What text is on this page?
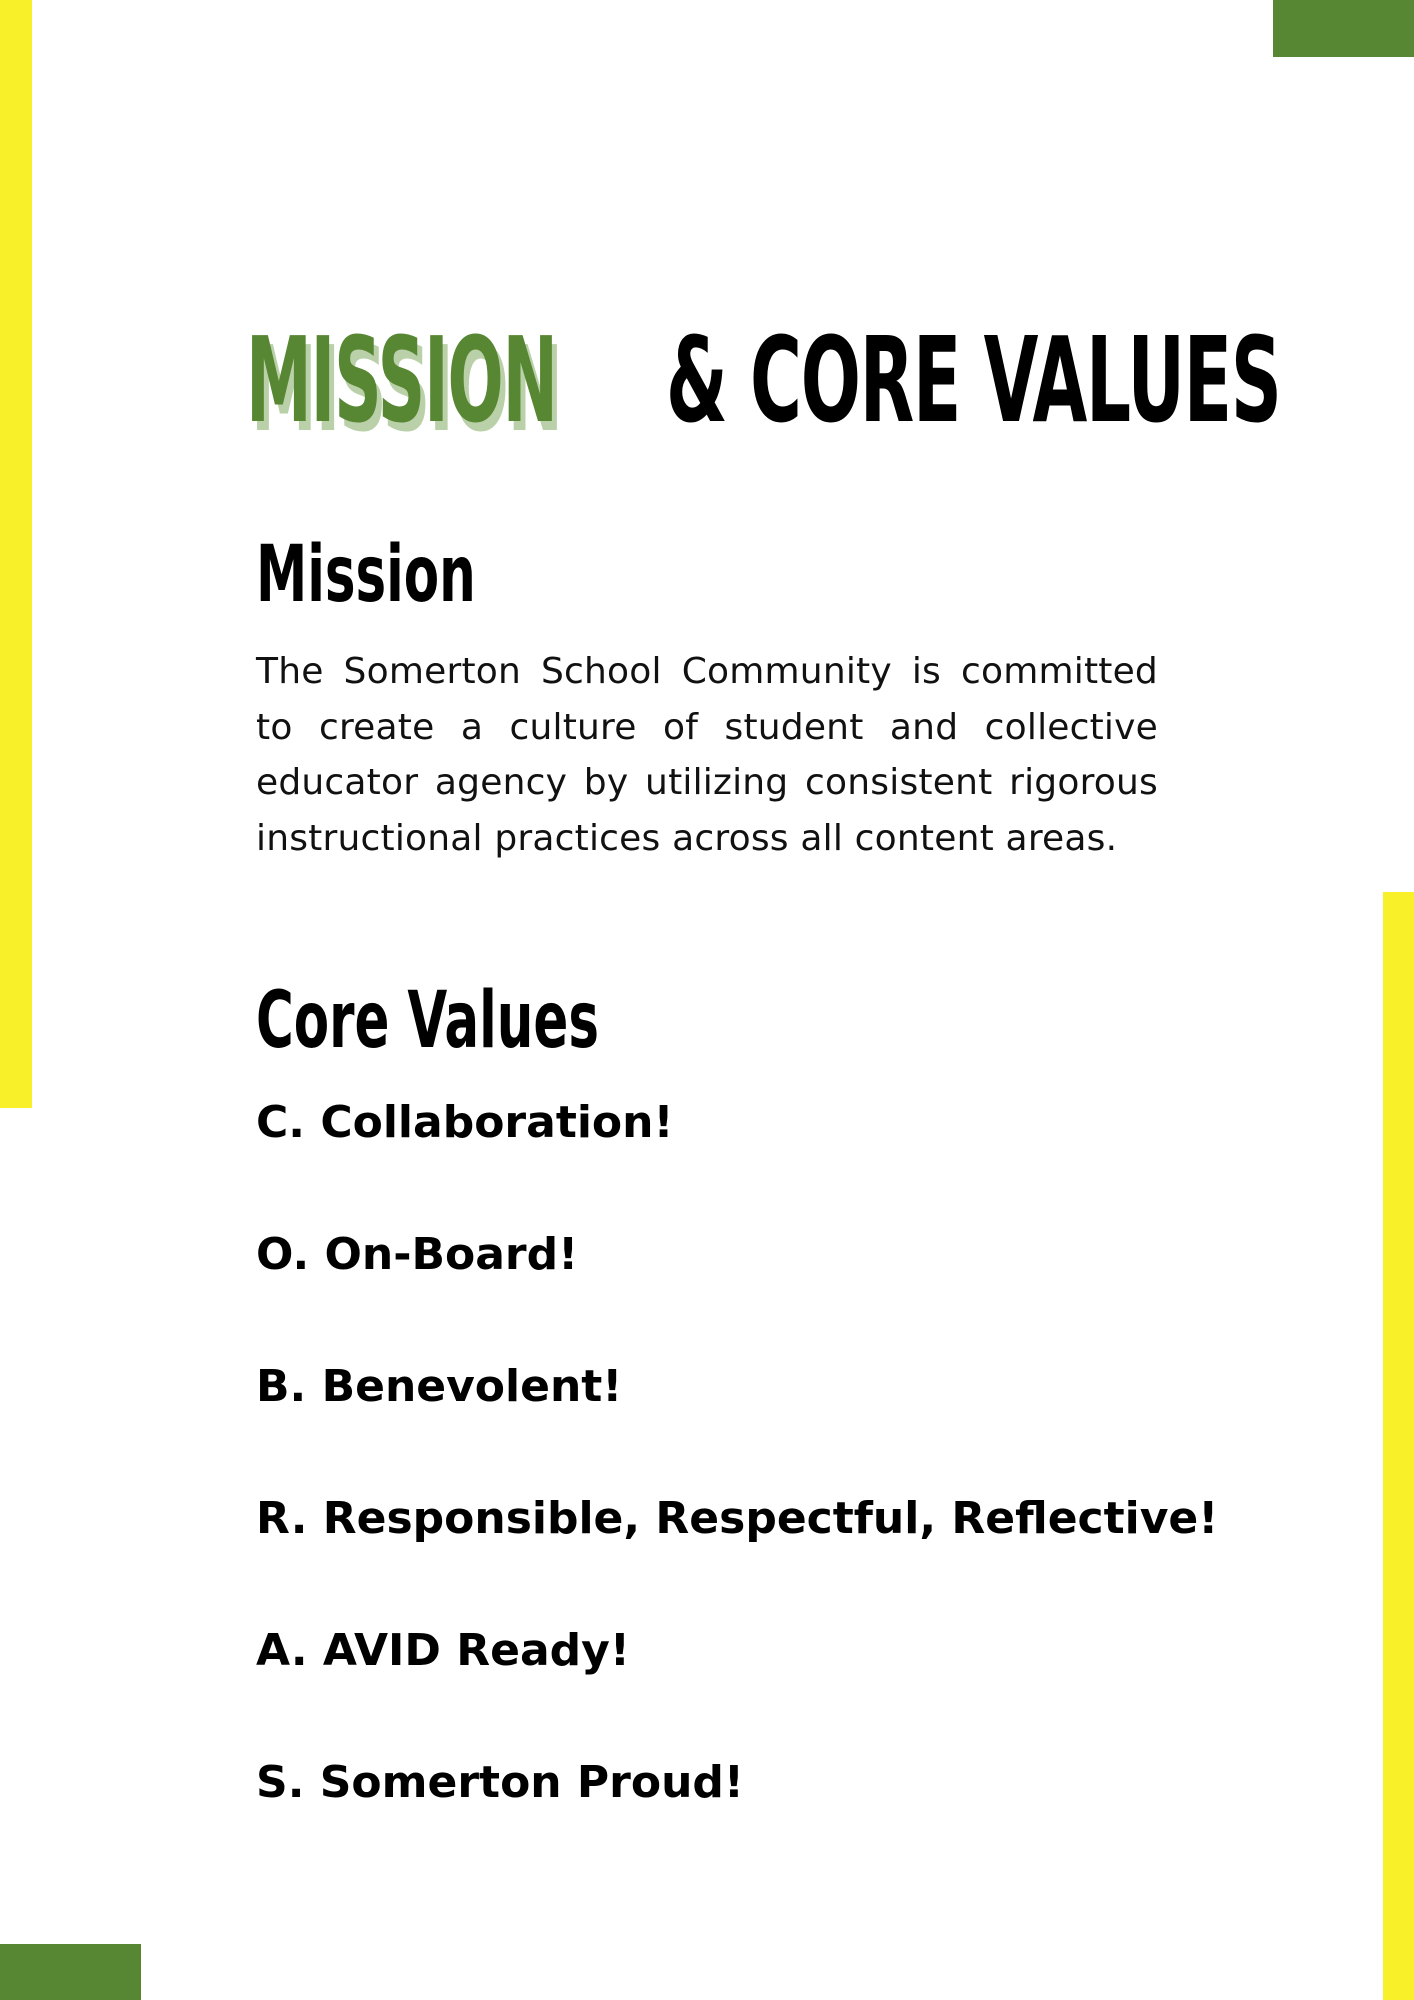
MISSION & CORE VALUES
Mission

The Somerton School Community is committed to create a culture of student and collective educator agency by utilizing consistent rigorous instructional practices across all content areas.

Core Values
C. Collaboration!
O. On-Board!
B. Benevolent!
R. Responsible, Respectful, Reflective!
A. AVID Ready!
S. Somerton Proud!
